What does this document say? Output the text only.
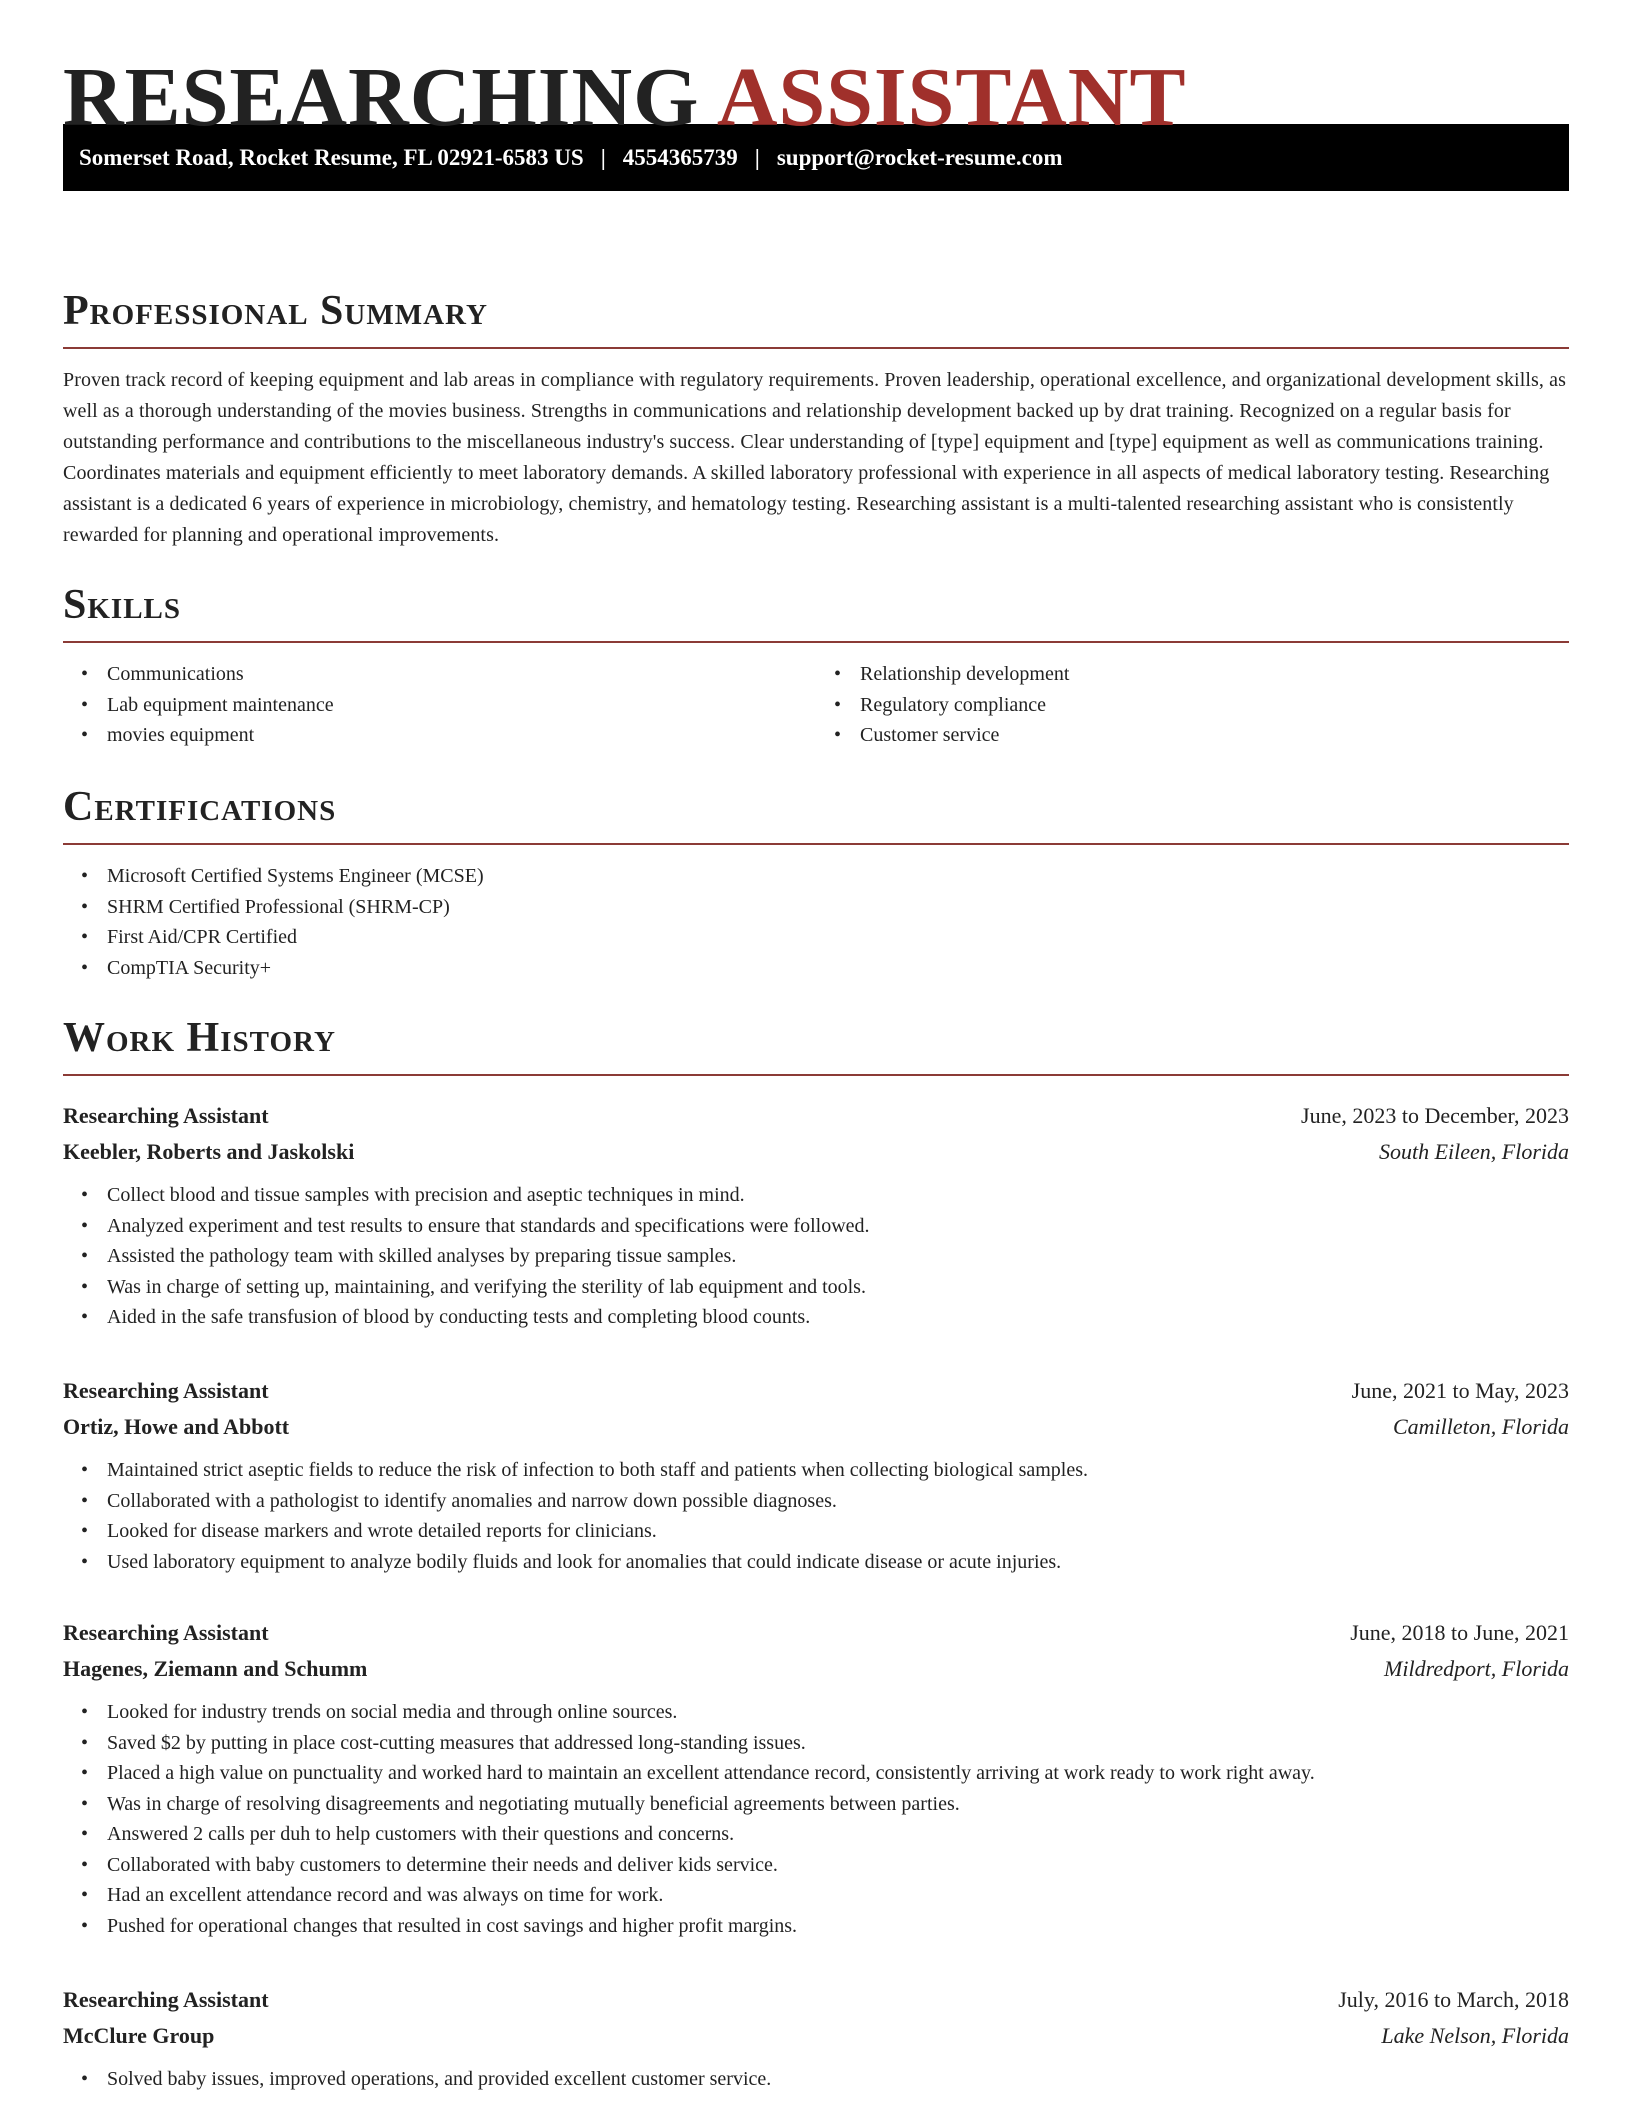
RESEARCHING ASSISTANT
Somerset Road, Rocket Resume, FL 02921-6583 US | 4554365739 | support@rocket-resume.com
Professional Summary

Proven track record of keeping equipment and lab areas in compliance with regulatory requirements. Proven leadership, operational excellence, and organizational development skills, as well as a thorough understanding of the movies business. Strengths in communications and relationship development backed up by drat training. Recognized on a regular basis for outstanding performance and contributions to the miscellaneous industry's success. Clear understanding of [type] equipment and [type] equipment as well as communications training. Coordinates materials and equipment efficiently to meet laboratory demands. A skilled laboratory professional with experience in all aspects of medical laboratory testing. Researching assistant is a dedicated 6 years of experience in microbiology, chemistry, and hematology testing. Researching assistant is a multi-talented researching assistant who is consistently rewarded for planning and operational improvements.

Skills
• Communications
• Lab equipment maintenance
• movies equipment
• Relationship development
• Regulatory compliance
• Customer service
Certifications
• Microsoft Certified Systems Engineer (MCSE)
• SHRM Certified Professional (SHRM-CP)
• First Aid/CPR Certified
• CompTIA Security+
Work History
Researching Assistant	June, 2023 to December, 2023
Keebler, Roberts and Jaskolski	South Eileen, Florida
• Collect blood and tissue samples with precision and aseptic techniques in mind.
• Analyzed experiment and test results to ensure that standards and specifications were followed.
• Assisted the pathology team with skilled analyses by preparing tissue samples.
• Was in charge of setting up, maintaining, and verifying the sterility of lab equipment and tools.
• Aided in the safe transfusion of blood by conducting tests and completing blood counts.
Researching Assistant	June, 2021 to May, 2023
Ortiz, Howe and Abbott	Camilleton, Florida
• Maintained strict aseptic fields to reduce the risk of infection to both staff and patients when collecting biological samples.
• Collaborated with a pathologist to identify anomalies and narrow down possible diagnoses.
• Looked for disease markers and wrote detailed reports for clinicians.
• Used laboratory equipment to analyze bodily fluids and look for anomalies that could indicate disease or acute injuries.
Researching Assistant	June, 2018 to June, 2021
Hagenes, Ziemann and Schumm	Mildredport, Florida
• Looked for industry trends on social media and through online sources.
• Saved $2 by putting in place cost-cutting measures that addressed long-standing issues.
• Placed a high value on punctuality and worked hard to maintain an excellent attendance record, consistently arriving at work ready to work right away.
• Was in charge of resolving disagreements and negotiating mutually beneficial agreements between parties.
• Answered 2 calls per duh to help customers with their questions and concerns.
• Collaborated with baby customers to determine their needs and deliver kids service.
• Had an excellent attendance record and was always on time for work.
• Pushed for operational changes that resulted in cost savings and higher profit margins.
Researching Assistant	July, 2016 to March, 2018
McClure Group	Lake Nelson, Florida
• Solved baby issues, improved operations, and provided excellent customer service.
